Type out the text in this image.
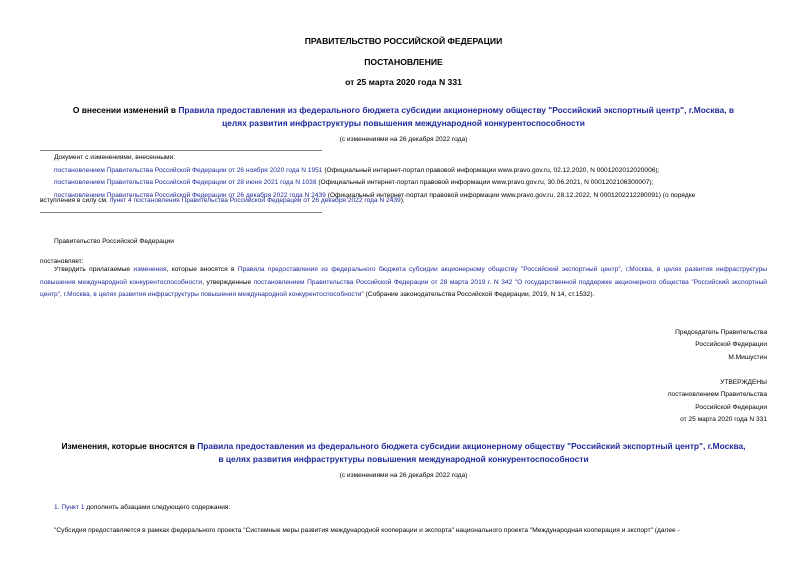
ПРАВИТЕЛЬСТВО РОССИЙСКОЙ ФЕДЕРАЦИИ
ПОСТАНОВЛЕНИЕ
от 25 марта 2020 года N 331
О внесении изменений в Правила предоставления из федерального бюджета субсидии акционерному обществу "Российский экспортный центр", г.Москва, в
целях развития инфраструктуры повышения международной конкурентоспособности
(с изменениями на 26 декабря 2022 года)
Документ с изменениями, внесенными:
постановлением Правительства Российской Федерации от 26 ноября 2020 года N 1951 (Официальный интернет-портал правовой информации www.pravo.gov.ru, 02.12.2020, N 0001202012020006);
постановлением Правительства Российской Федерации от 28 июня 2021 года N 1038 (Официальный интернет-портал правовой информации www.pravo.gov.ru, 30.06.2021, N 0001202106300007);
постановлением Правительства Российской Федерации от 26 декабря 2022 года N 2439 (Официальный интернет-портал правовой информации www.pravo.gov.ru, 28.12.2022, N 0001202212280091) (о порядке
вступления в силу см. пункт 4 постановления Правительства Российской Федерации от 26 декабря 2022 года N 2439).
Правительство Российской Федерации
постановляет:
Утвердить прилагаемые изменения, которые вносятся в Правила предоставления из федерального бюджета субсидии акционерному обществу "Российский экспортный центр", г.Москва, в целях развития инфраструктуры повышения международной конкурентоспособности, утвержденные постановлением Правительства Российской Федерации от 28 марта 2019 г. N 342 "О государственной поддержке акционерного общества "Российский экспортный центр", г.Москва, в целях развития инфраструктуры повышения международной конкурентоспособности" (Собрание законодательства Российской Федерации, 2019, N 14, ст.1532).
Председатель Правительства
Российской Федерации
М.Мишустин
УТВЕРЖДЕНЫ
постановлением Правительства
Российской Федерации
от 25 марта 2020 года N 331
Изменения, которые вносятся в Правила предоставления из федерального бюджета субсидии акционерному обществу "Российский экспортный центр", г.Москва,
в целях развития инфраструктуры повышения международной конкурентоспособности
(с изменениями на 26 декабря 2022 года)
1. Пункт 1 дополнить абзацами следующего содержания:
"Субсидия предоставляется в рамках федерального проекта "Системные меры развития международной кооперации и экспорта" национального проекта "Международная кооперация и экспорт" (далее -
